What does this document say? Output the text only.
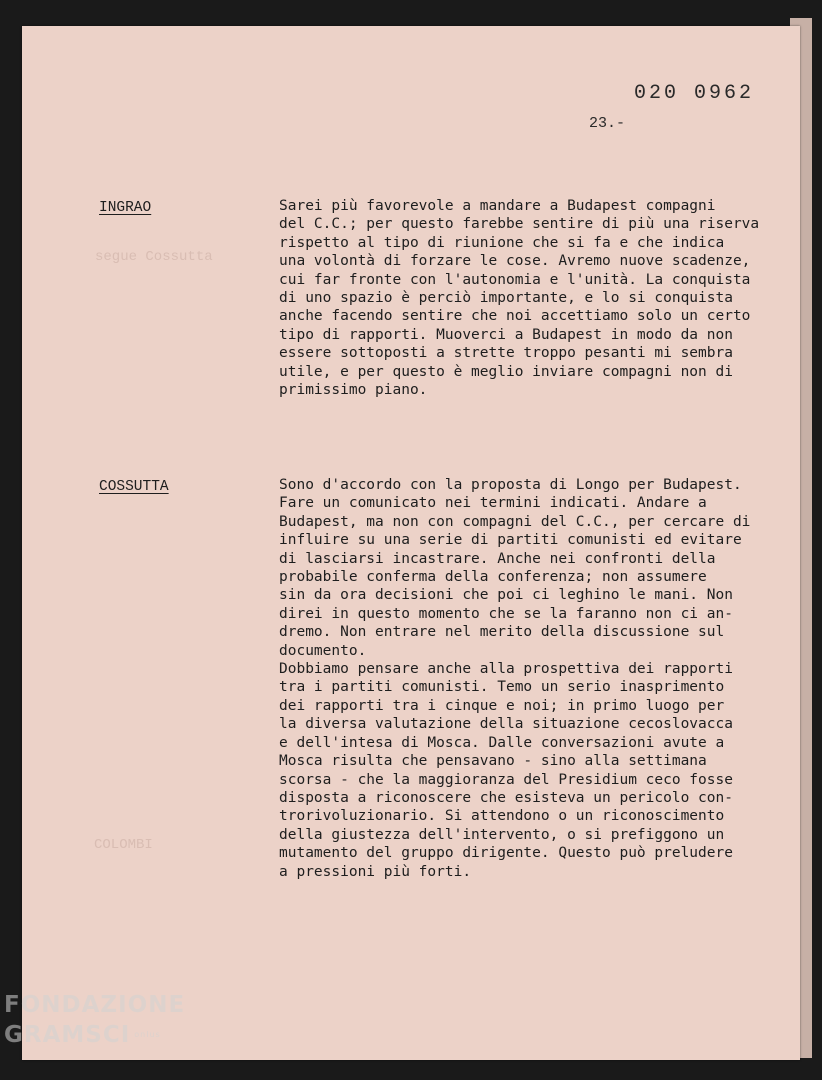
segue Cossutta
COLOMBI
020 0962
23.-
INGRAO	Sarei più favorevole a mandare a Budapest compagni
del C.C.; per questo farebbe sentire di più una riserva
rispetto al tipo di riunione che si fa e che indica
una volontà di forzare le cose. Avremo nuove scadenze,
cui far fronte con l'autonomia e l'unità. La conquista
di uno spazio è perciò importante, e lo si conquista
anche facendo sentire che noi accettiamo solo un certo
tipo di rapporti. Muoverci a Budapest in modo da non
essere sottoposti a strette troppo pesanti mi sembra
utile, e per questo è meglio inviare compagni non di
primissimo piano.
COSSUTTA	Sono d'accordo con la proposta di Longo per Budapest.
Fare un comunicato nei termini indicati. Andare a
Budapest, ma non con compagni del C.C., per cercare di
influire su una serie di partiti comunisti ed evitare
di lasciarsi incastrare. Anche nei confronti della
probabile conferma della conferenza; non assumere
sin da ora decisioni che poi ci leghino le mani. Non
direi in questo momento che se la faranno non ci an-
dremo. Non entrare nel merito della discussione sul
documento.
Dobbiamo pensare anche alla prospettiva dei rapporti
tra i partiti comunisti. Temo un serio inasprimento
dei rapporti tra i cinque e noi; in primo luogo per
la diversa valutazione della situazione cecoslovacca
e dell'intesa di Mosca. Dalle conversazioni avute a
Mosca risulta che pensavano - sino alla settimana
scorsa - che la maggioranza del Presidium ceco fosse
disposta a riconoscere che esisteva un pericolo con-
trorivoluzionario. Si attendono o un riconoscimento
della giustezza dell'intervento, o si prefiggono un
mutamento del gruppo dirigente. Questo può preludere
a pressioni più forti.
FONDAZIONE
GRAMSCI onlus
